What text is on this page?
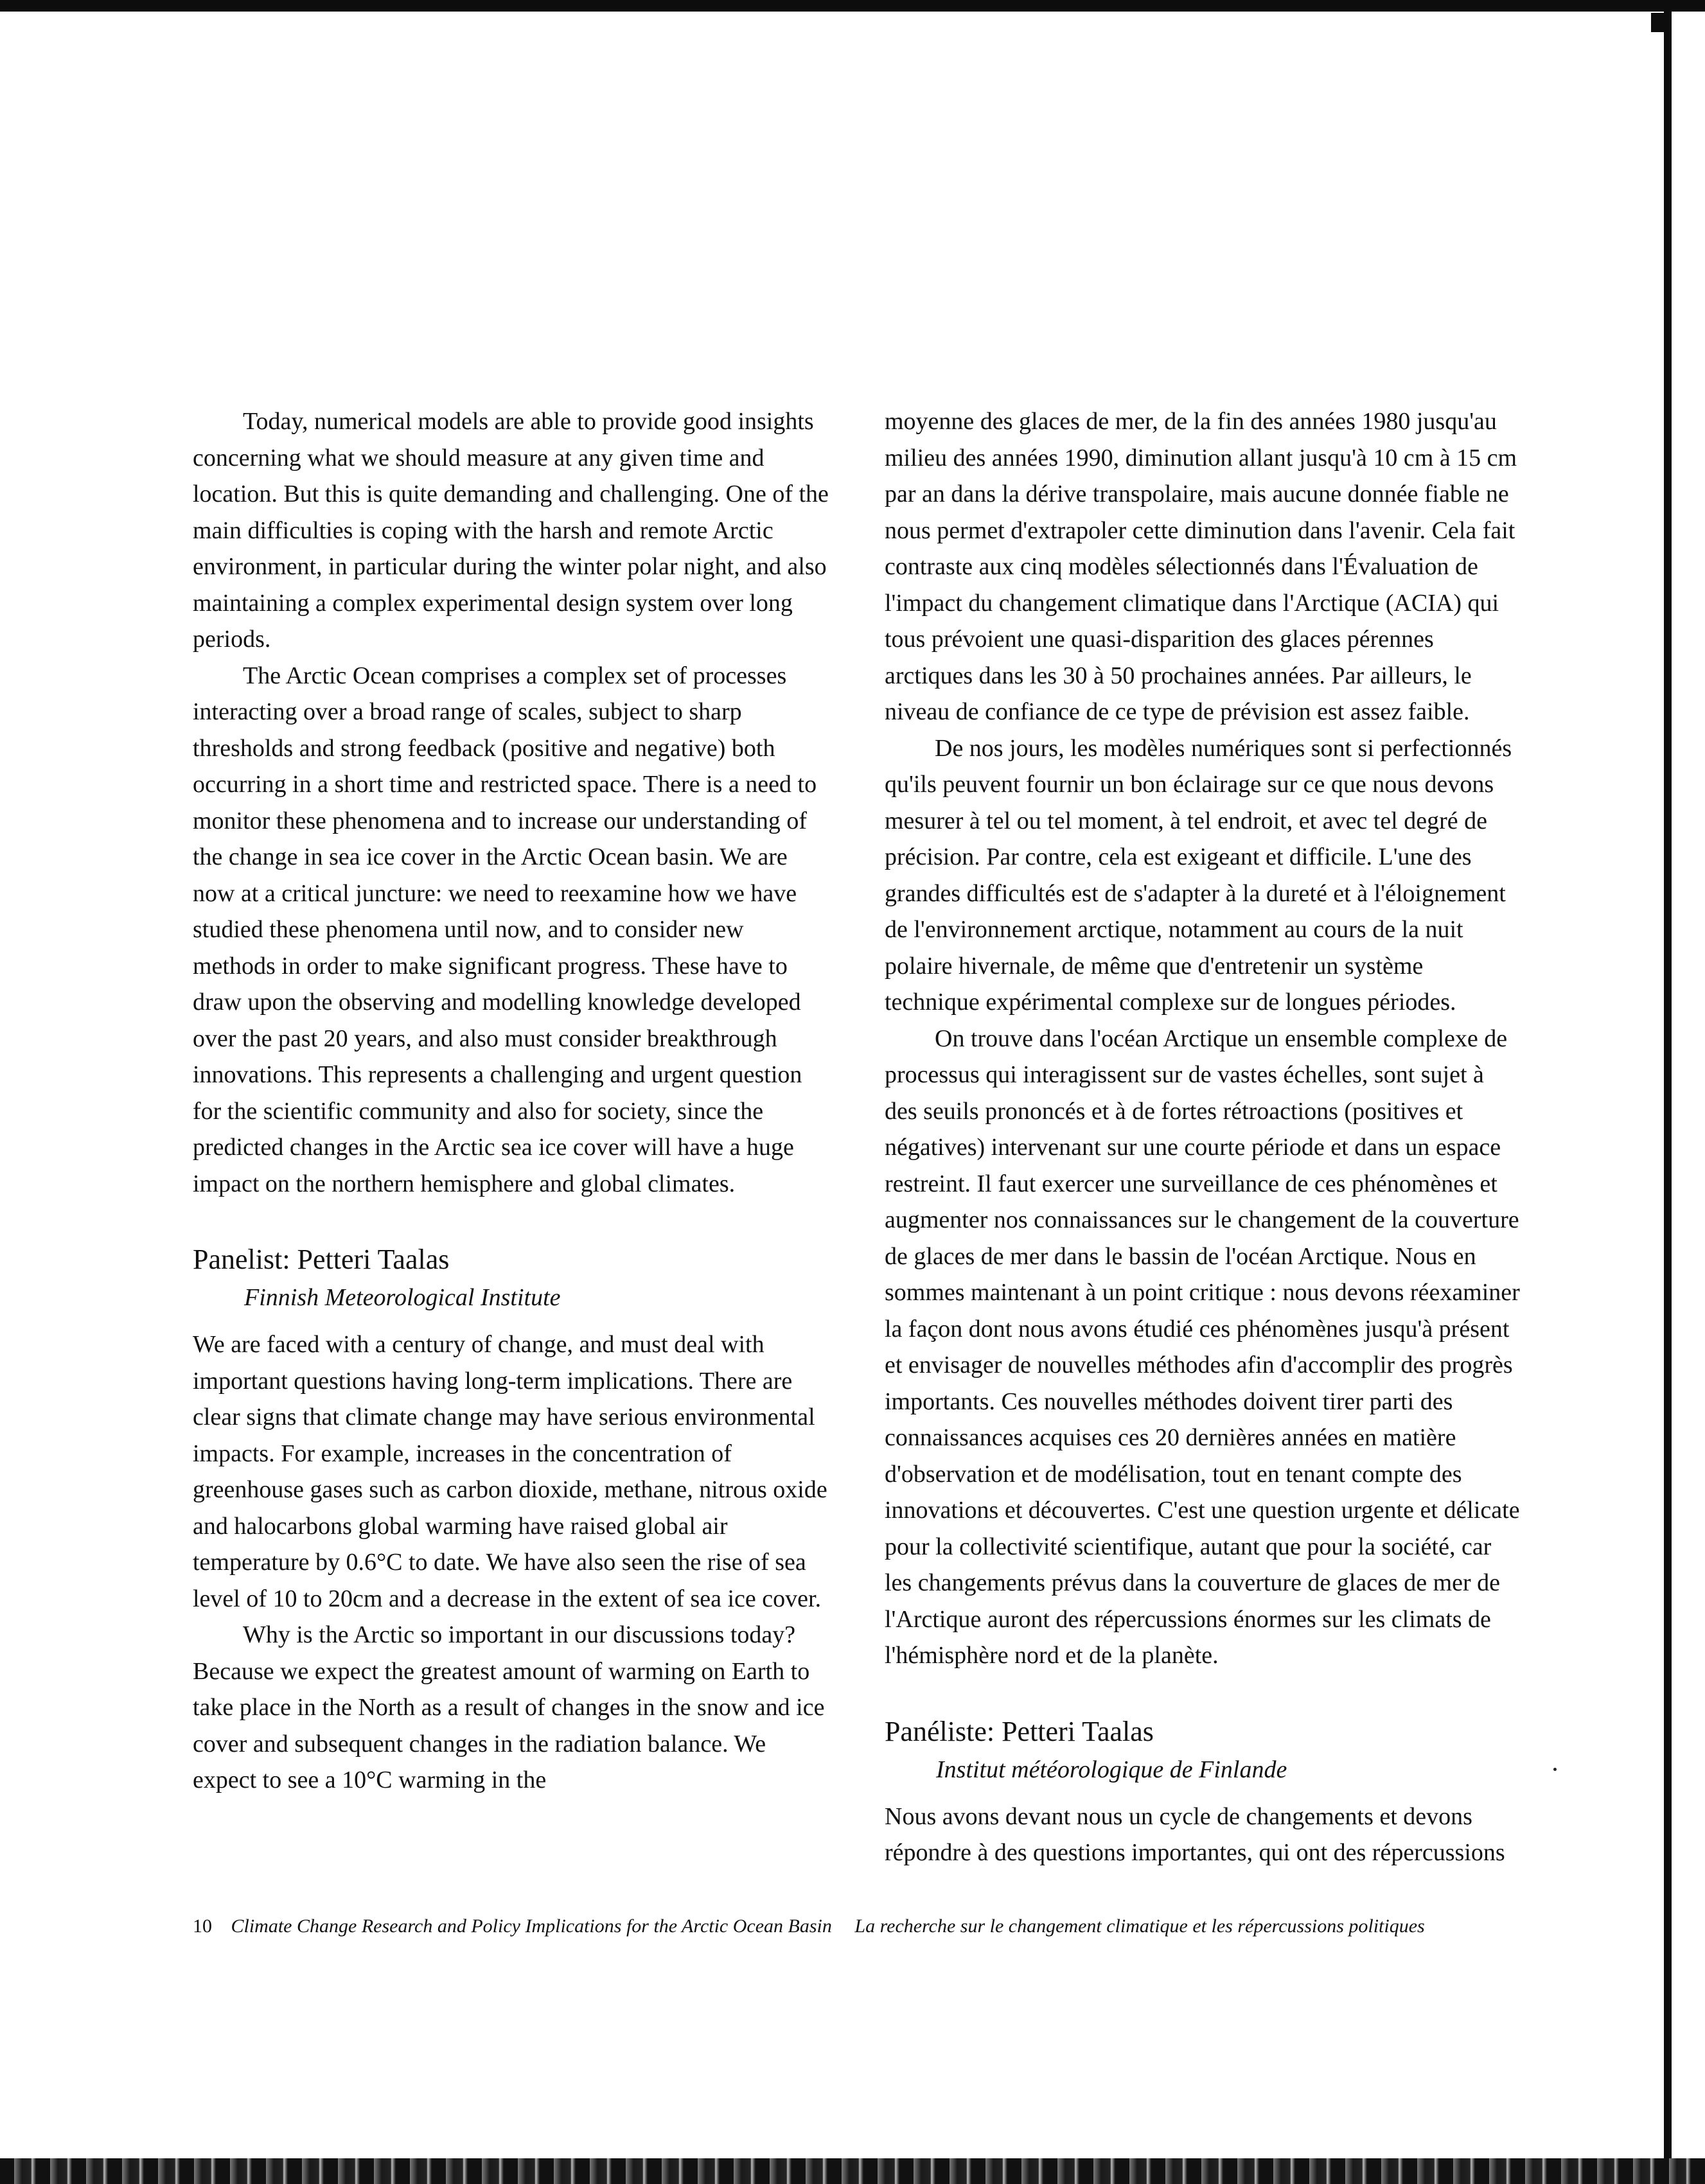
Today, numerical models are able to provide good insights concerning what we should measure at any given time and location. But this is quite demanding and challenging. One of the main difficulties is coping with the harsh and remote Arctic environment, in particular during the winter polar night, and also maintaining a complex experimental design system over long periods.

The Arctic Ocean comprises a complex set of processes interacting over a broad range of scales, subject to sharp thresholds and strong feedback (positive and negative) both occurring in a short time and restricted space. There is a need to monitor these phenomena and to increase our understanding of the change in sea ice cover in the Arctic Ocean basin. We are now at a critical juncture: we need to reexamine how we have studied these phenomena until now, and to consider new methods in order to make significant progress. These have to draw upon the observing and modelling knowledge developed over the past 20 years, and also must consider breakthrough innovations. This represents a challenging and urgent question for the scientific community and also for society, since the predicted changes in the Arctic sea ice cover will have a huge impact on the northern hemisphere and global climates.

Panelist: Petteri Taalas
Finnish Meteorological Institute

We are faced with a century of change, and must deal with important questions having long-term implications. There are clear signs that climate change may have serious environmental impacts. For example, increases in the concentration of greenhouse gases such as carbon dioxide, methane, nitrous oxide and halocarbons global warming have raised global air temperature by 0.6°C to date. We have also seen the rise of sea level of 10 to 20cm and a decrease in the extent of sea ice cover.

Why is the Arctic so important in our discussions today? Because we expect the greatest amount of warming on Earth to take place in the North as a result of changes in the snow and ice cover and subsequent changes in the radiation balance. We expect to see a 10°C warming in the

moyenne des glaces de mer, de la fin des années 1980 jusqu'au milieu des années 1990, diminution allant jusqu'à 10 cm à 15 cm par an dans la dérive transpolaire, mais aucune donnée fiable ne nous permet d'extrapoler cette diminution dans l'avenir. Cela fait contraste aux cinq modèles sélectionnés dans l'Évaluation de l'impact du changement climatique dans l'Arctique (ACIA) qui tous prévoient une quasi-disparition des glaces pérennes arctiques dans les 30 à 50 prochaines années. Par ailleurs, le niveau de confiance de ce type de prévision est assez faible.

De nos jours, les modèles numériques sont si perfectionnés qu'ils peuvent fournir un bon éclairage sur ce que nous devons mesurer à tel ou tel moment, à tel endroit, et avec tel degré de précision. Par contre, cela est exigeant et difficile. L'une des grandes difficultés est de s'adapter à la dureté et à l'éloignement de l'environnement arctique, notamment au cours de la nuit polaire hivernale, de même que d'entretenir un système technique expérimental complexe sur de longues périodes.

On trouve dans l'océan Arctique un ensemble complexe de processus qui interagissent sur de vastes échelles, sont sujet à des seuils prononcés et à de fortes rétroactions (positives et négatives) intervenant sur une courte période et dans un espace restreint. Il faut exercer une surveillance de ces phénomènes et augmenter nos connaissances sur le changement de la couverture de glaces de mer dans le bassin de l'océan Arctique. Nous en sommes maintenant à un point critique : nous devons réexaminer la façon dont nous avons étudié ces phénomènes jusqu'à présent et envisager de nouvelles méthodes afin d'accomplir des progrès importants. Ces nouvelles méthodes doivent tirer parti des connaissances acquises ces 20 dernières années en matière d'observation et de modélisation, tout en tenant compte des innovations et découvertes. C'est une question urgente et délicate pour la collectivité scientifique, autant que pour la société, car les changements prévus dans la couverture de glaces de mer de l'Arctique auront des répercussions énormes sur les climats de l'hémisphère nord et de la planète.

Panéliste: Petteri Taalas
Institut météorologique de Finlande

Nous avons devant nous un cycle de changements et devons répondre à des questions importantes, qui ont des répercussions

10 Climate Change Research and Policy Implications for the Arctic Ocean Basin La recherche sur le changement climatique et les répercussions politiques
